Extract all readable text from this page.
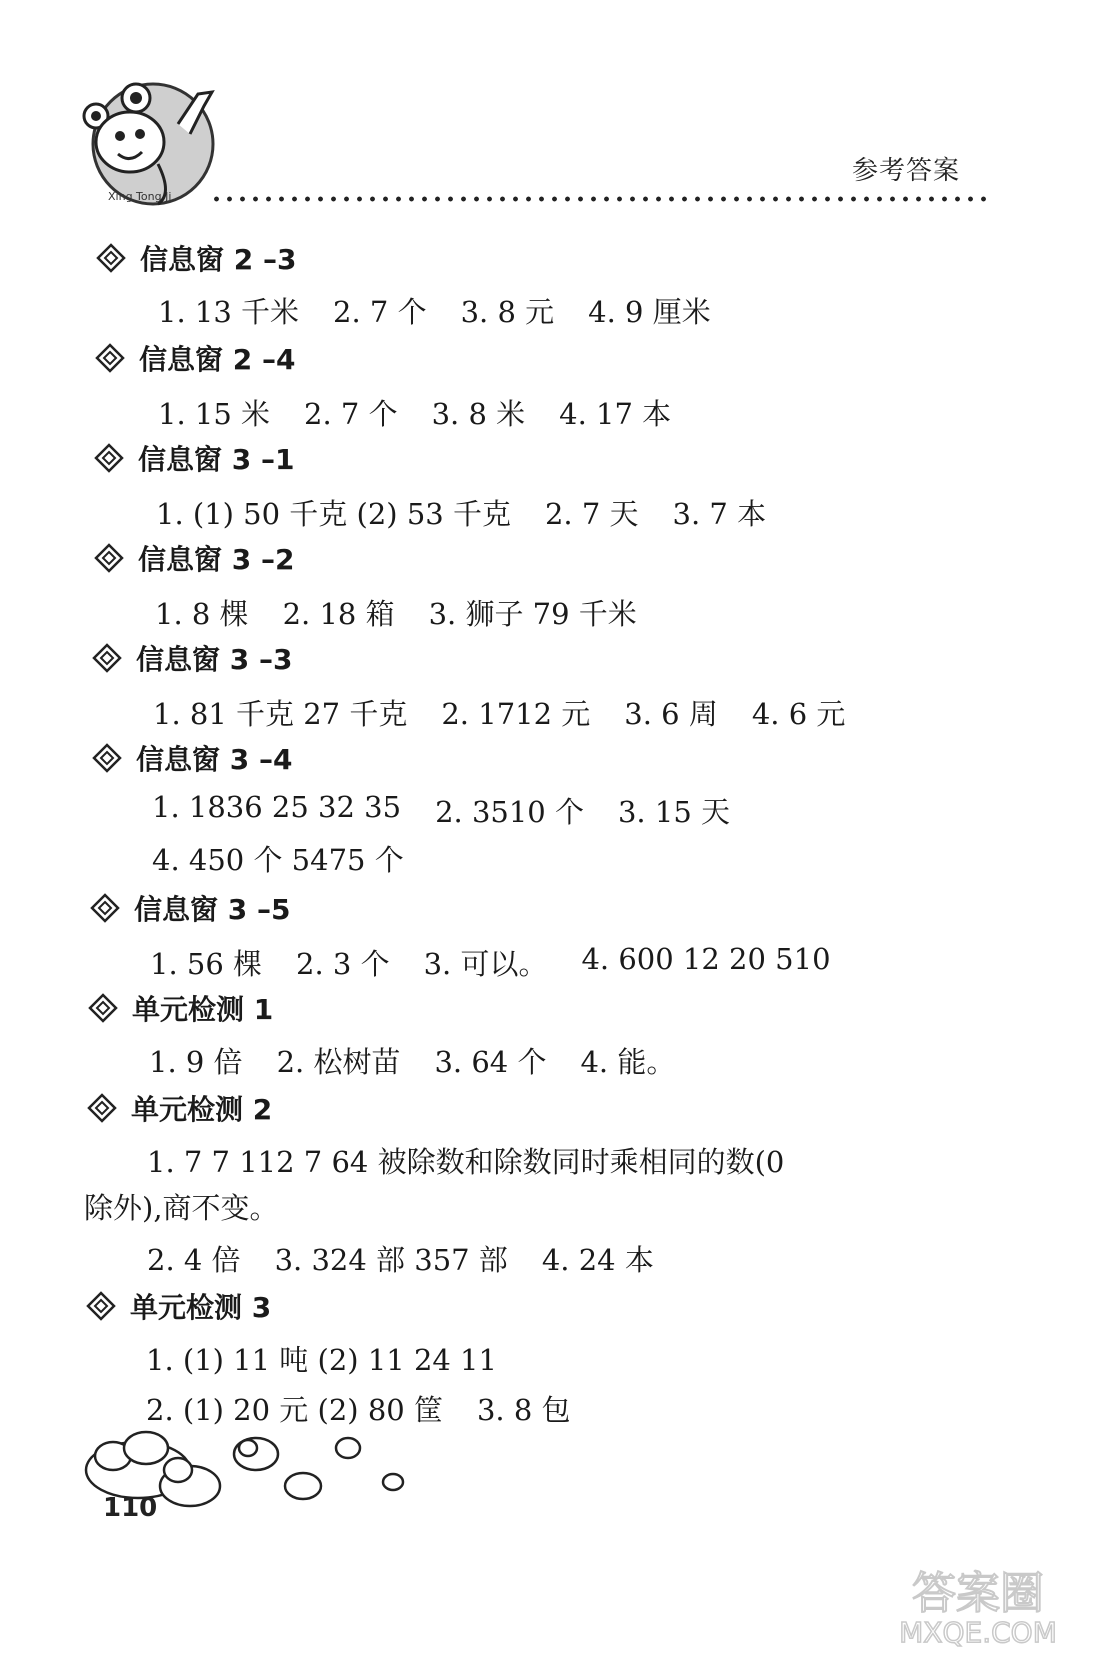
Xing Tong Ji
参考答案
信息窗 2 –3
1. 13 千米 2. 7 个 3. 8 元 4. 9 厘米
信息窗 2 –4
1. 15 米 2. 7 个 3. 8 米 4. 17 本
信息窗 3 –1
1. (1) 50 千克 (2) 53 千克 2. 7 天 3. 7 本
信息窗 3 –2
1. 8 棵 2. 18 箱 3. 狮子 79 千米
信息窗 3 –3
1. 81 千克 27 千克 2. 1712 元 3. 6 周 4. 6 元
信息窗 3 –4
1. 1836 25 32 35 2. 3510 个 3. 15 天
4. 450 个 5475 个
信息窗 3 –5
1. 56 棵 2. 3 个 3. 可以。 4. 600 12 20 510
单元检测 1
1. 9 倍 2. 松树苗 3. 64 个 4. 能。
单元检测 2
1. 7 7 112 7 64 被除数和除数同时乘相同的数(0
除外),商不变。
2. 4 倍 3. 324 部 357 部 4. 24 本
单元检测 3
1. (1) 11 吨 (2) 11 24 11
2. (1) 20 元 (2) 80 筐 3. 8 包
110
答案圈
MXQE.COM
